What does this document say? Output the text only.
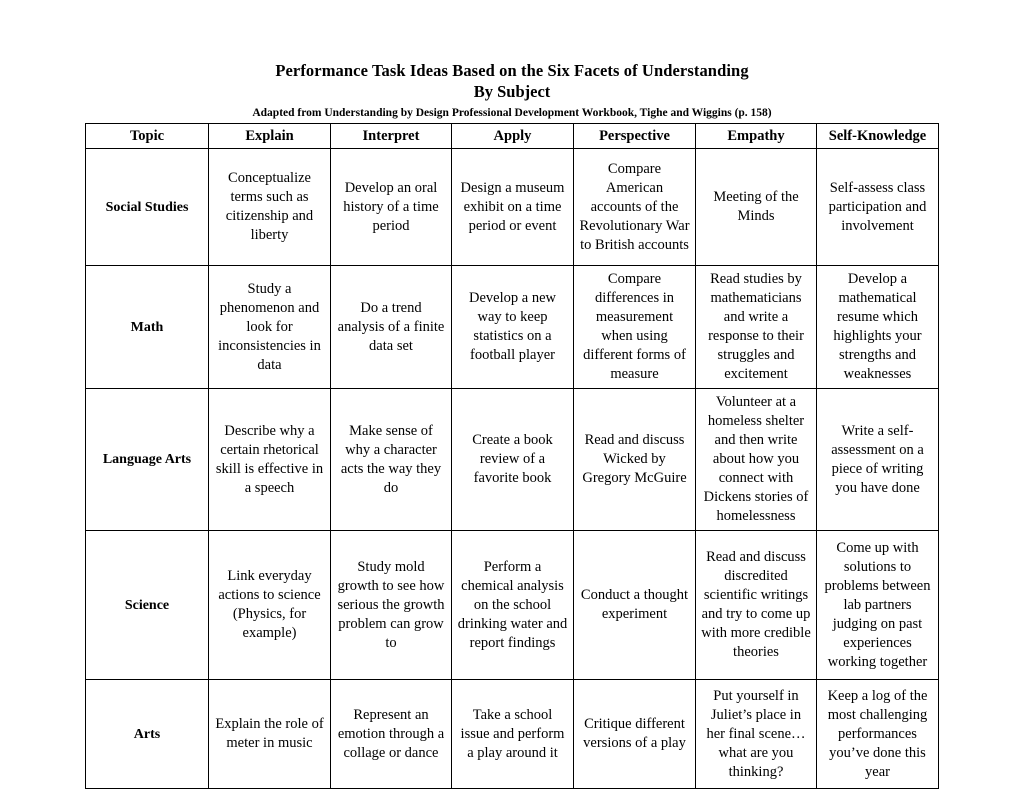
Performance Task Ideas Based on the Six Facets of Understanding
By Subject
Adapted from Understanding by Design Professional Development Workbook, Tighe and Wiggins (p. 158)
Topic	Explain	Interpret	Apply	Perspective	Empathy	Self-Knowledge
Social Studies	Conceptualize terms such as citizenship and liberty	Develop an oral history of a time period	Design a museum exhibit on a time period or event	Compare American accounts of the Revolutionary War to British accounts	Meeting of the Minds	Self-assess class participation and involvement
Math	Study a phenomenon and look for inconsistencies in data	Do a trend analysis of a finite data set	Develop a new way to keep statistics on a football player	Compare differences in measurement when using different forms of measure	Read studies by mathematicians and write a response to their struggles and excitement	Develop a mathematical resume which highlights your strengths and weaknesses
Language Arts	Describe why a certain rhetorical skill is effective in a speech	Make sense of why a character acts the way they do	Create a book review of a favorite book	Read and discuss Wicked by Gregory McGuire	Volunteer at a homeless shelter and then write about how you connect with Dickens stories of homelessness	Write a self-assessment on a piece of writing you have done
Science	Link everyday actions to science (Physics, for example)	Study mold growth to see how serious the growth problem can grow to	Perform a chemical analysis on the school drinking water and report findings	Conduct a thought experiment	Read and discuss discredited scientific writings and try to come up with more credible theories	Come up with solutions to problems between lab partners judging on past experiences working together
Arts	Explain the role of meter in music	Represent an emotion through a collage or dance	Take a school issue and perform a play around it	Critique different versions of a play	Put yourself in Juliet’s place in her final scene… what are you thinking?	Keep a log of the most challenging performances you’ve done this year
